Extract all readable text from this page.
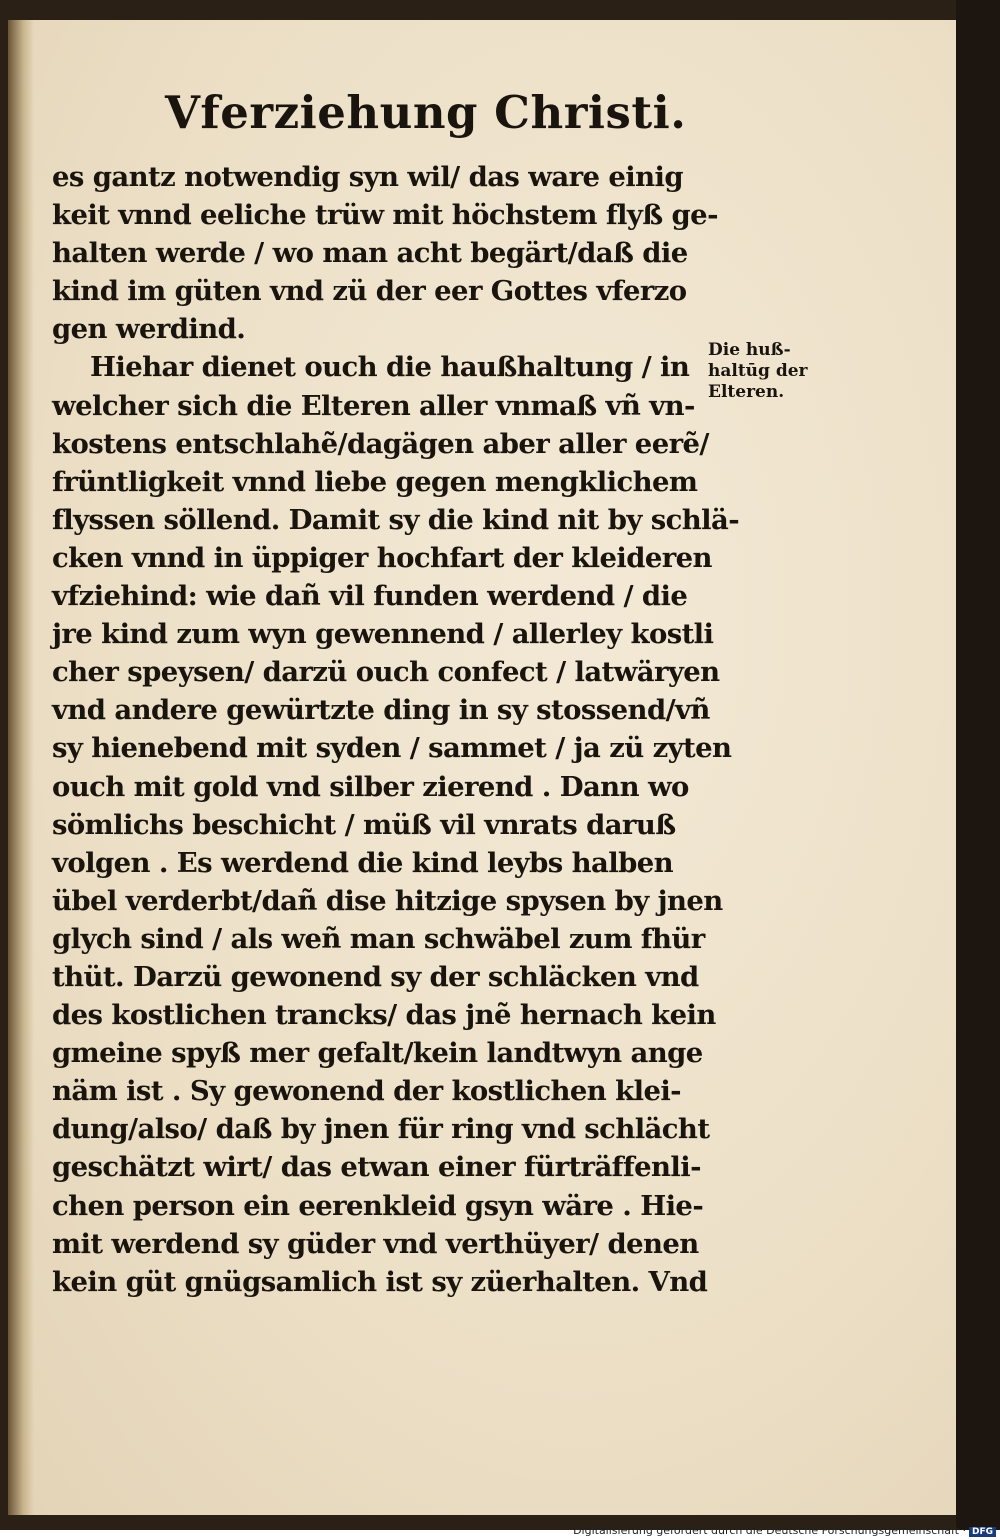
Vferziehung Christi.
es gantz notwendig syn wil/ das ware einig
keit vnnd eeliche trüw mit höchstem flyß ge-
halten werde / wo man acht begärt/daß die
kind im güten vnd zü der eer Gottes vferzo
gen werdind.
Hiehar dienet ouch die haußhaltung / in
welcher sich die Elteren aller vnmaß vñ vn-
kostens entschlahẽ/dagägen aber aller eerẽ/
früntligkeit vnnd liebe gegen mengklichem
flyssen söllend. Damit sy die kind nit by schlä-
cken vnnd in üppiger hochfart der kleideren
vfziehind: wie dañ vil funden werdend / die
jre kind zum wyn gewennend / allerley kostli
cher speysen/ darzü ouch confect / latwäryen
vnd andere gewürtzte ding in sy stossend/vñ
sy hienebend mit syden / sammet / ja zü zyten
ouch mit gold vnd silber zierend . Dann wo
sömlichs beschicht / müß vil vnrats daruß
volgen . Es werdend die kind leybs halben
übel verderbt/dañ dise hitzige spysen by jnen
glych sind / als weñ man schwäbel zum fhür
thüt. Darzü gewonend sy der schläcken vnd
des kostlichen trancks/ das jnẽ hernach kein
gmeine spyß mer gefalt/kein landtwyn ange
näm ist . Sy gewonend der kostlichen klei-
dung/also/ daß by jnen für ring vnd schlächt
geschätzt wirt/ das etwan einer fürträffenli-
chen person ein eerenkleid gsyn wäre . Hie-
mit werdend sy güder vnd verthüyer/ denen
kein güt gnügsamlich ist sy züerhalten. Vnd
Die huß-
haltūg der
Elteren.
Digitalisierung gefördert durch die Deutsche Forschungsgemeinschaft · DFG
